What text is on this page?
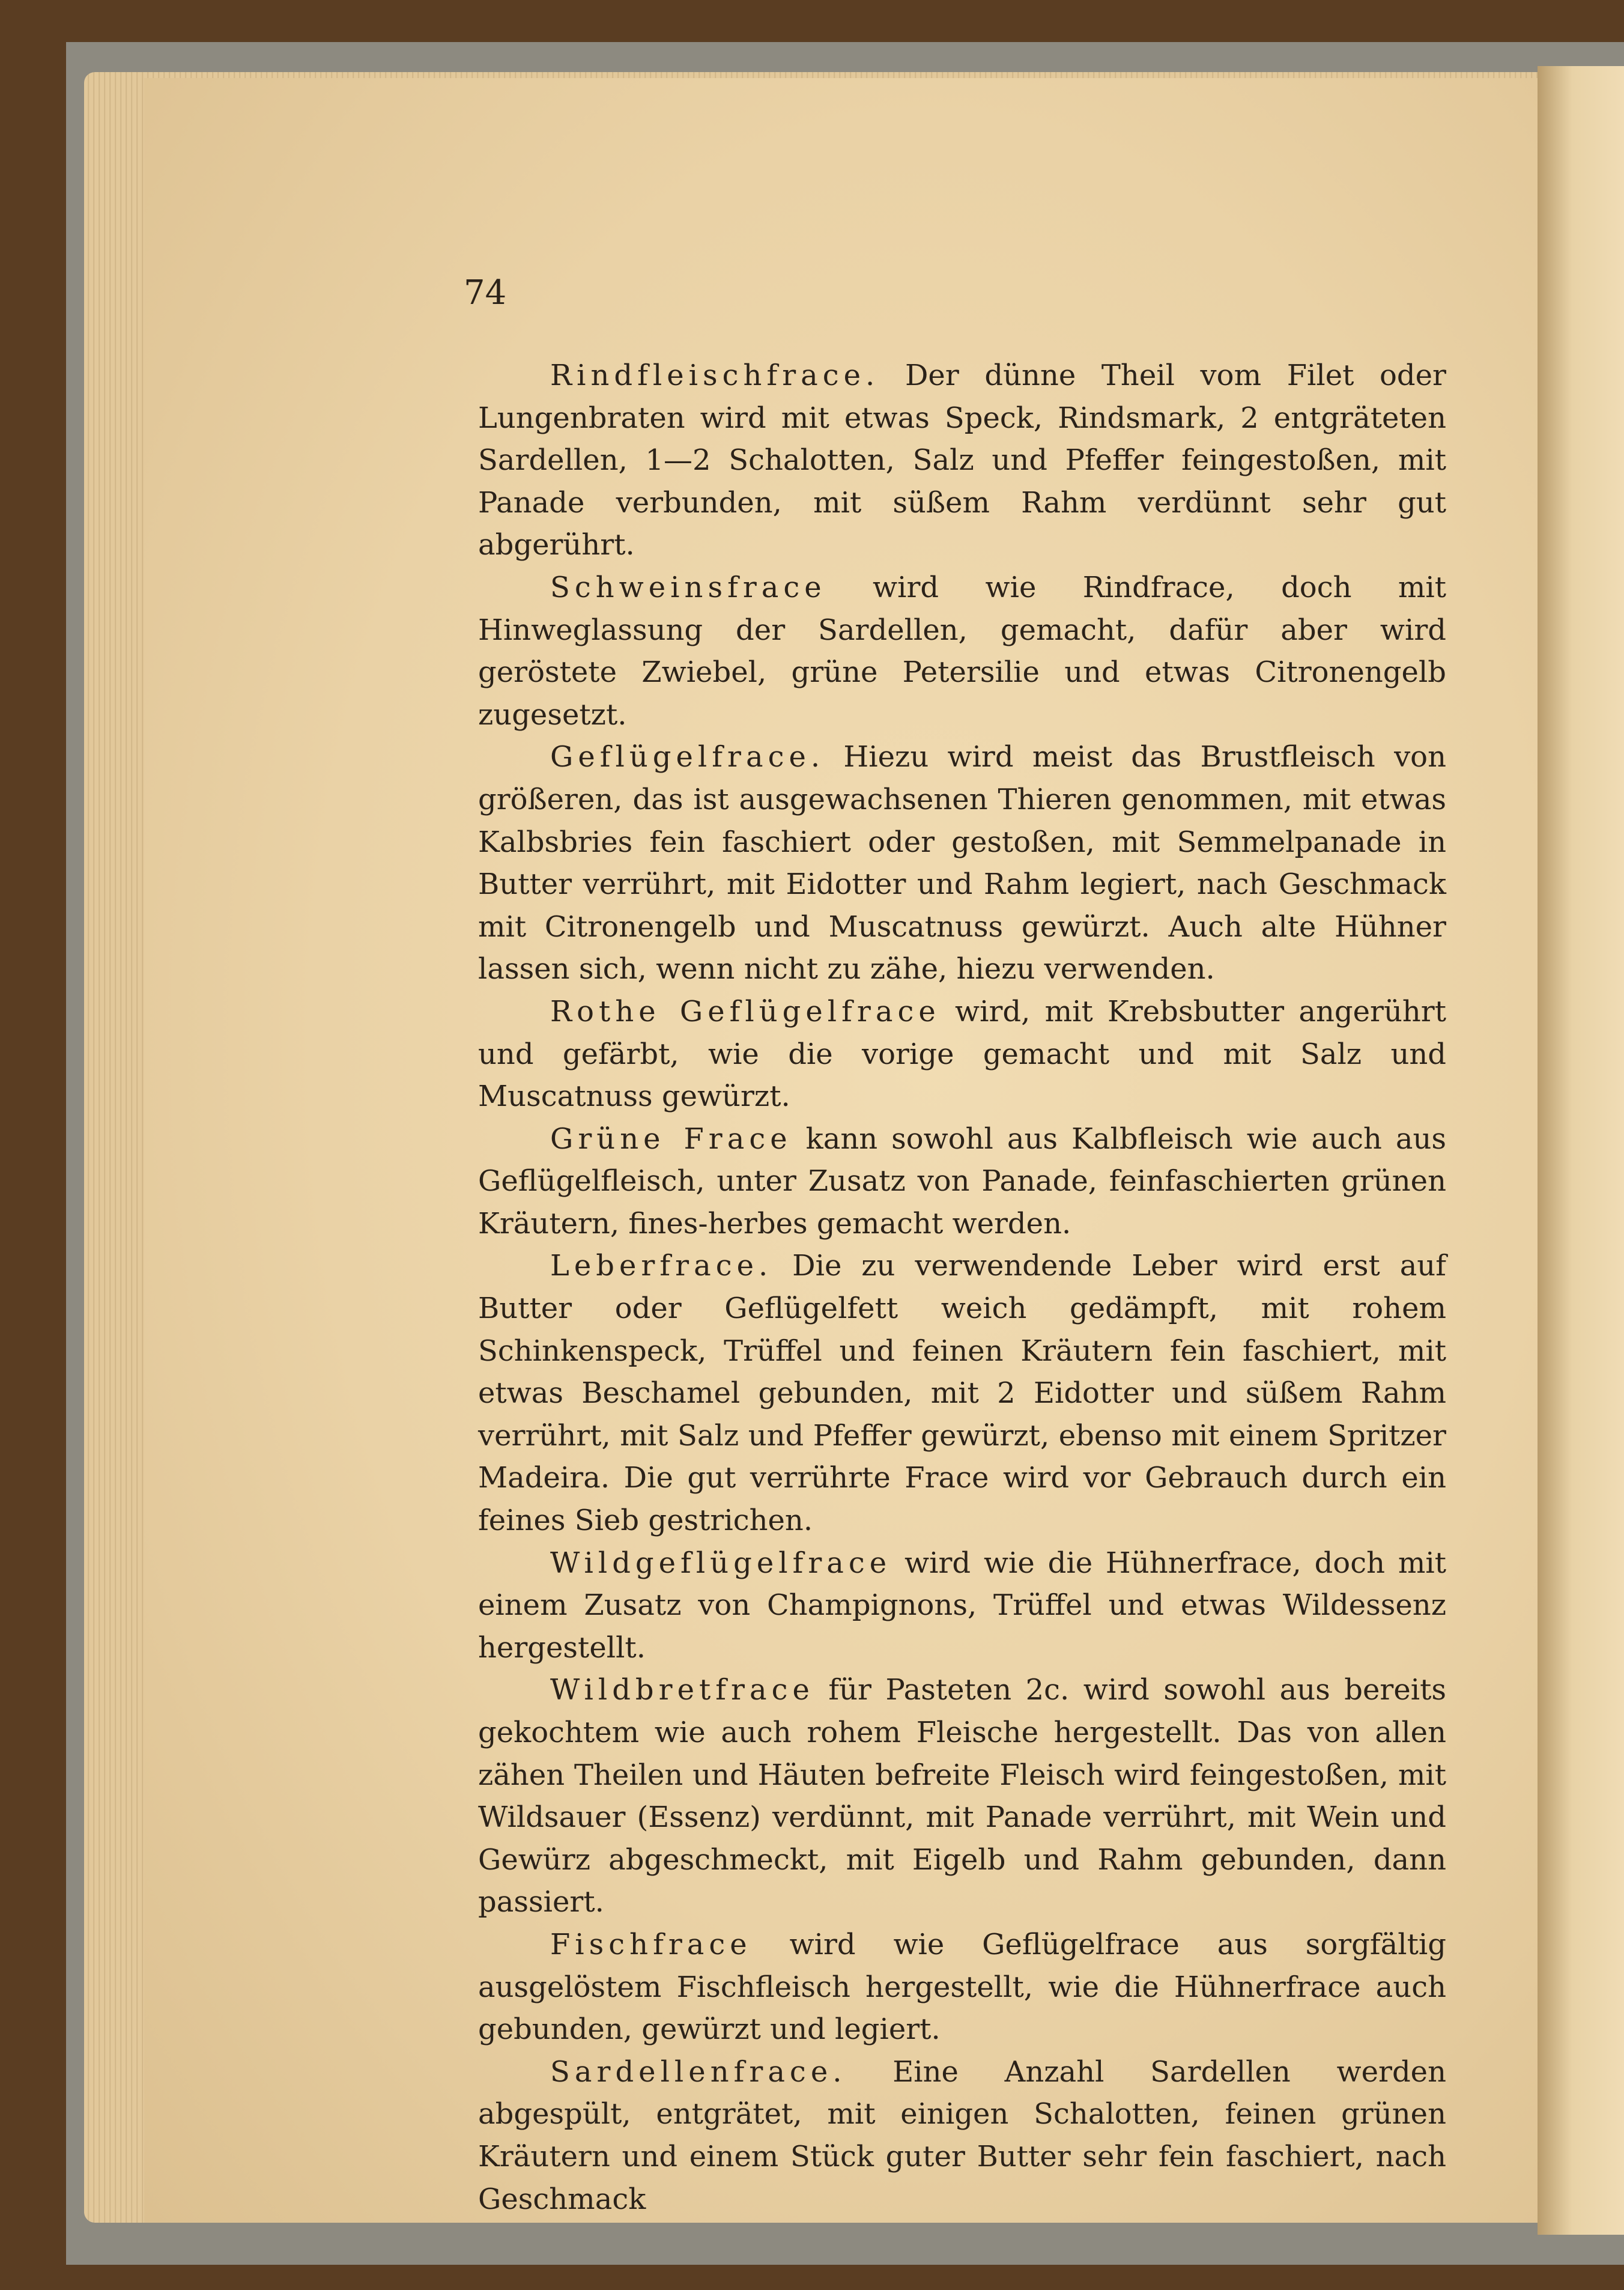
74

Rindfleischfrace. Der dünne Theil vom Filet oder Lungenbraten wird mit etwas Speck, Rindsmark, 2 entgräteten Sardellen, 1—2 Schalotten, Salz und Pfeffer feingestoßen, mit Panade verbunden, mit süßem Rahm verdünnt sehr gut abgerührt.

Schweinsfrace wird wie Rindfrace, doch mit Hinweglassung der Sardellen, gemacht, dafür aber wird geröstete Zwiebel, grüne Petersilie und etwas Citronengelb zugesetzt.

Geflügelfrace. Hiezu wird meist das Brustfleisch von größeren, das ist ausgewachsenen Thieren genommen, mit etwas Kalbsbries fein faschiert oder gestoßen, mit Semmelpanade in Butter verrührt, mit Eidotter und Rahm legiert, nach Geschmack mit Citronengelb und Muscatnuss gewürzt. Auch alte Hühner lassen sich, wenn nicht zu zähe, hiezu verwenden.

Rothe Geflügelfrace wird, mit Krebsbutter angerührt und gefärbt, wie die vorige gemacht und mit Salz und Muscatnuss gewürzt.

Grüne Frace kann sowohl aus Kalbfleisch wie auch aus Geflügelfleisch, unter Zusatz von Panade, feinfaschierten grünen Kräutern, fines-herbes gemacht werden.

Leberfrace. Die zu verwendende Leber wird erst auf Butter oder Geflügelfett weich gedämpft, mit rohem Schinkenspeck, Trüffel und feinen Kräutern fein faschiert, mit etwas Beschamel gebunden, mit 2 Eidotter und süßem Rahm verrührt, mit Salz und Pfeffer gewürzt, ebenso mit einem Spritzer Madeira. Die gut verrührte Frace wird vor Gebrauch durch ein feines Sieb gestrichen.

Wildgeflügelfrace wird wie die Hühnerfrace, doch mit einem Zusatz von Champignons, Trüffel und etwas Wildessenz hergestellt.

Wildbretfrace für Pasteten 2c. wird sowohl aus bereits gekochtem wie auch rohem Fleische hergestellt. Das von allen zähen Theilen und Häuten befreite Fleisch wird feingestoßen, mit Wildsauer (Essenz) verdünnt, mit Panade verrührt, mit Wein und Gewürz abgeschmeckt, mit Eigelb und Rahm gebunden, dann passiert.

Fischfrace wird wie Geflügelfrace aus sorgfältig ausgelöstem Fischfleisch hergestellt, wie die Hühnerfrace auch gebunden, gewürzt und legiert.

Sardellenfrace. Eine Anzahl Sardellen werden abgespült, entgrätet, mit einigen Schalotten, feinen grünen Kräutern und einem Stück guter Butter sehr fein faschiert, nach Geschmack
